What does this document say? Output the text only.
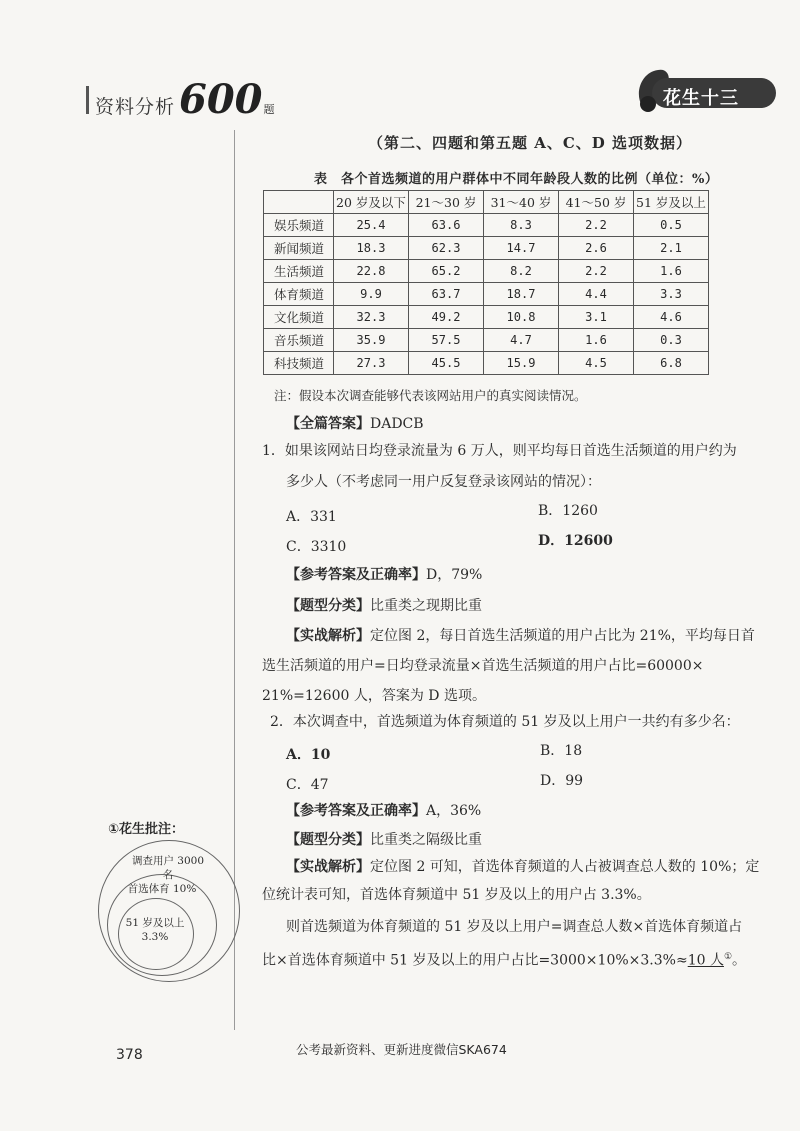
资料分析 600 题
花生十三
（第二、四题和第五题 A、C、D 选项数据）
表　各个首选频道的用户群体中不同年龄段人数的比例（单位：%）
	20 岁及以下	21～30 岁	31～40 岁	41～50 岁	51 岁及以上
娱乐频道	25.4	63.6	8.3	2.2	0.5
新闻频道	18.3	62.3	14.7	2.6	2.1
生活频道	22.8	65.2	8.2	2.2	1.6
体育频道	9.9	63.7	18.7	4.4	3.3
文化频道	32.3	49.2	10.8	3.1	4.6
音乐频道	35.9	57.5	4.7	1.6	0.3
科技频道	27.3	45.5	15.9	4.5	6.8
注：假设本次调查能够代表该网站用户的真实阅读情况。
【全篇答案】DADCB
1．如果该网站日均登录流量为 6 万人，则平均每日首选生活频道的用户约为
多少人（不考虑同一用户反复登录该网站的情况）：
A．331	B．1260
C．3310	D．12600
【参考答案及正确率】D，79%
【题型分类】比重类之现期比重
【实战解析】定位图 2，每日首选生活频道的用户占比为 21%，平均每日首
选生活频道的用户=日均登录流量×首选生活频道的用户占比=60000×
21%=12600 人，答案为 D 选项。
2．本次调查中，首选频道为体育频道的 51 岁及以上用户一共约有多少名：
A．10	B．18
C．47	D．99
【参考答案及正确率】A，36%
【题型分类】比重类之隔级比重
【实战解析】定位图 2 可知，首选体育频道的人占被调查总人数的 10%；定
位统计表可知，首选体育频道中 51 岁及以上的用户占 3.3%。
则首选频道为体育频道的 51 岁及以上用户=调查总人数×首选体育频道占
比×首选体育频道中 51 岁及以上的用户占比=3000×10%×3.3%≈10 人①。
①花生批注：
调查用户 3000 名
首选体育 10%
51 岁及以上
3.3%
公考最新资料、更新进度微信SKA674
378
